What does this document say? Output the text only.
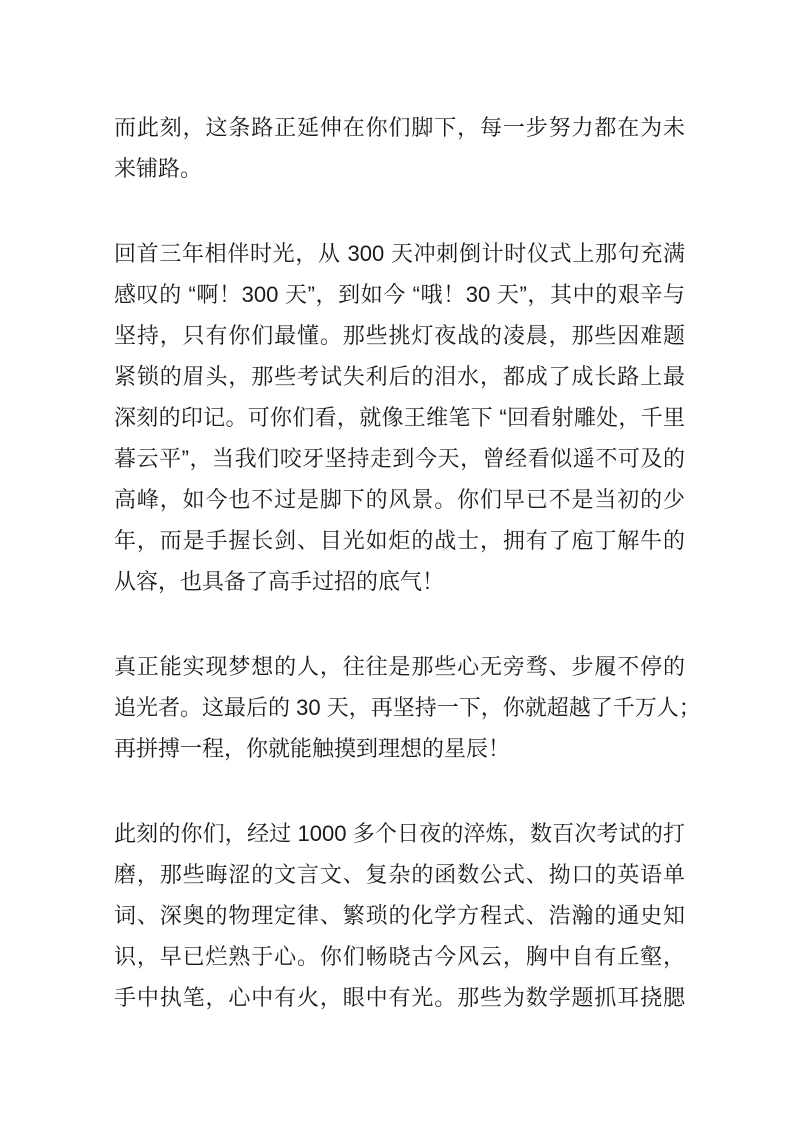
而此刻，这条路正延伸在你们脚下，每一步努力都在为未
来铺路。
回首三年相伴时光，从 300 天冲刺倒计时仪式上那句充满
感叹的 “啊！300 天”，到如今 “哦！30 天”，其中的艰辛与
坚持，只有你们最懂。那些挑灯夜战的凌晨，那些因难题
紧锁的眉头，那些考试失利后的泪水，都成了成长路上最
深刻的印记。可你们看，就像王维笔下 “回看射雕处，千里
暮云平”，当我们咬牙坚持走到今天，曾经看似遥不可及的
高峰，如今也不过是脚下的风景。你们早已不是当初的少
年，而是手握长剑、目光如炬的战士，拥有了庖丁解牛的
从容，也具备了高手过招的底气！
真正能实现梦想的人，往往是那些心无旁骛、步履不停的
追光者。这最后的 30 天，再坚持一下，你就超越了千万人；
再拼搏一程，你就能触摸到理想的星辰！
此刻的你们，经过 1000 多个日夜的淬炼，数百次考试的打
磨，那些晦涩的文言文、复杂的函数公式、拗口的英语单
词、深奥的物理定律、繁琐的化学方程式、浩瀚的通史知
识，早已烂熟于心。你们畅晓古今风云，胸中自有丘壑，
手中执笔，心中有火，眼中有光。那些为数学题抓耳挠腮
